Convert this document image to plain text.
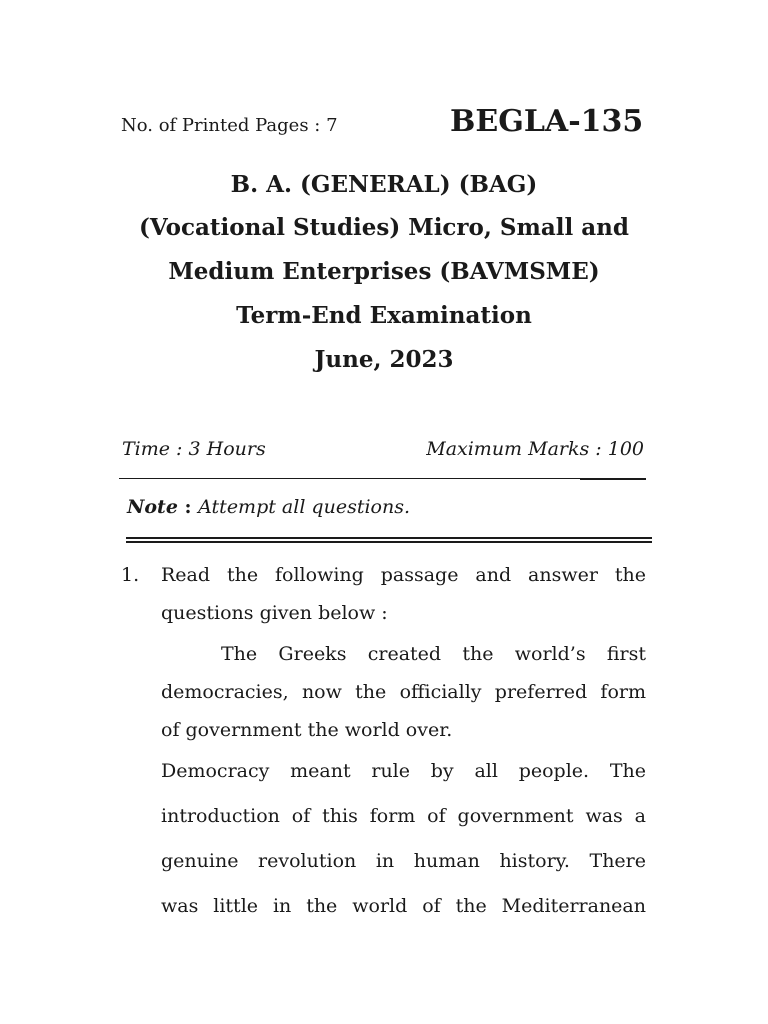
No. of Printed Pages : 7	BEGLA-135
B. A. (GENERAL) (BAG)
(Vocational Studies) Micro, Small and
Medium Enterprises (BAVMSME)
Term-End Examination
June, 2023
Time : 3 Hours	Maximum Marks : 100
Note : Attempt all questions.
1. Read the following passage and answer the
questions given below :
The Greeks created the world’s first
democracies, now the officially preferred form
of government the world over.
Democracy meant rule by all people. The
introduction of this form of government was a
genuine revolution in human history. There
was little in the world of the Mediterranean
